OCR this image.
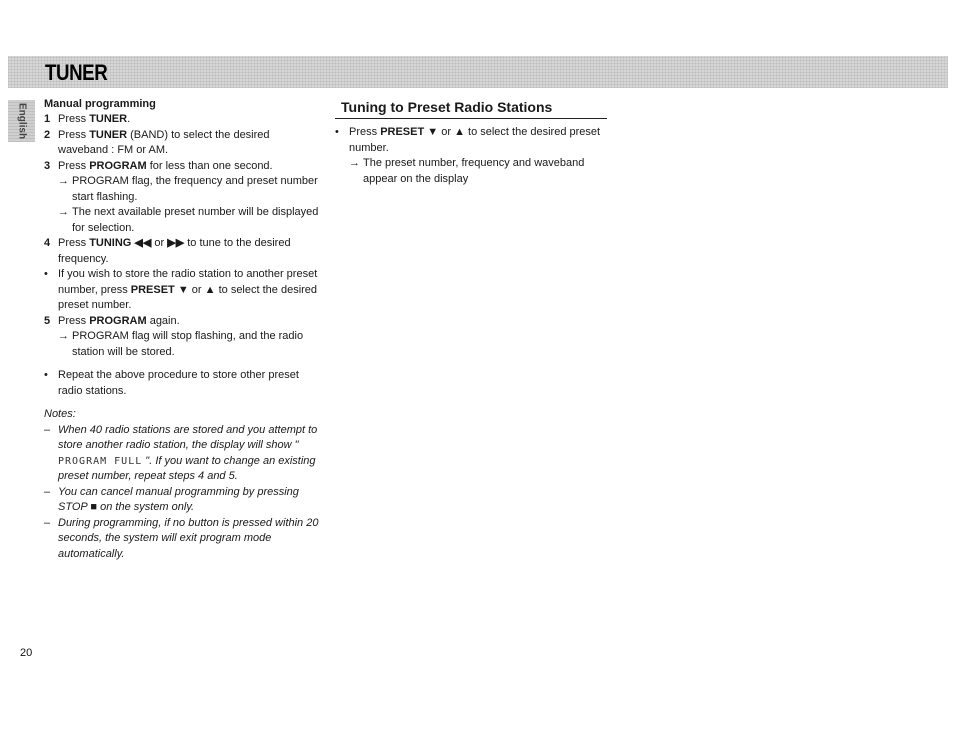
TUNER
English Manual programming
1 Press TUNER.
2 Press TUNER (BAND) to select the desired waveband : FM or AM.
3 Press PROGRAM for less than one second.
→ PROGRAM flag, the frequency and preset number start flashing.
→ The next available preset number will be displayed for selection.
4 Press TUNING ◀◀ or ▶▶ to tune to the desired frequency.
• If you wish to store the radio station to another preset number, press PRESET ▼ or ▲ to select the desired preset number.
5 Press PROGRAM again.
→ PROGRAM flag will stop flashing, and the radio station will be stored.
• Repeat the above procedure to store other preset radio stations.
Notes:
– When 40 radio stations are stored and you attempt to store another radio station, the display will show " PROGRAM FULL ". If you want to change an existing preset number, repeat steps 4 and 5.
– You can cancel manual programming by pressing STOP ■ on the system only.
– During programming, if no button is pressed within 20 seconds, the system will exit program mode automatically.
Tuning to Preset Radio Stations
• Press PRESET ▼ or ▲ to select the desired preset number.
→ The preset number, frequency and waveband appear on the display
20
